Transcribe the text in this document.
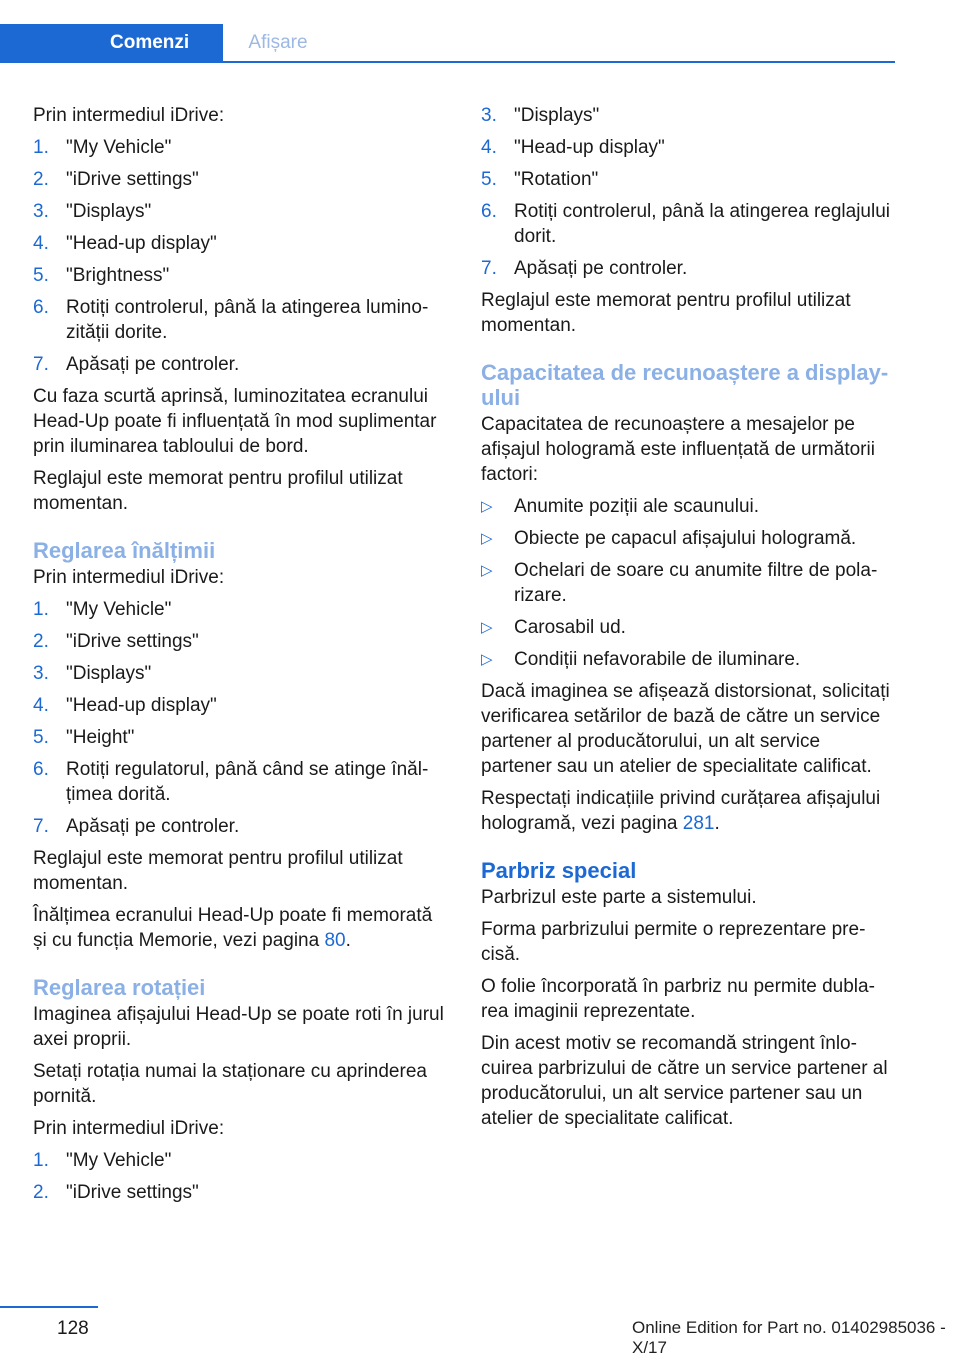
Comenzi	Afișare

Prin intermediul iDrive:

1. "My Vehicle"
2. "iDrive settings"
3. "Displays"
4. "Head-up display"
5. "Brightness"
6. Rotiți controlerul, până la atingerea luminozității dorite.
7. Apăsați pe controler.

Cu faza scurtă aprinsă, luminozitatea ecranului Head-Up poate fi influențată în mod suplimentar prin iluminarea tabloului de bord.

Reglajul este memorat pentru profilul utilizat momentan.

Reglarea înălțimii

Prin intermediul iDrive:

1. "My Vehicle"
2. "iDrive settings"
3. "Displays"
4. "Head-up display"
5. "Height"
6. Rotiți regulatorul, până când se atinge înălțimea dorită.
7. Apăsați pe controler.

Reglajul este memorat pentru profilul utilizat momentan.

Înălțimea ecranului Head-Up poate fi memorată și cu funcția Memorie, vezi pagina 80.

Reglarea rotației

Imaginea afișajului Head-Up se poate roti în jurul axei proprii.

Setați rotația numai la staționare cu aprinderea pornită.

Prin intermediul iDrive:

1. "My Vehicle"
2. "iDrive settings"
3. "Displays"
4. "Head-up display"
5. "Rotation"
6. Rotiți controlerul, până la atingerea reglajului dorit.
7. Apăsați pe controler.

Reglajul este memorat pentru profilul utilizat momentan.

Capacitatea de recunoaștere a display-ului

Capacitatea de recunoaștere a mesajelor pe afișajul hologramă este influențată de următorii factori:

▷ Anumite poziții ale scaunului.
▷ Obiecte pe capacul afișajului hologramă.
▷ Ochelari de soare cu anumite filtre de polarizare.
▷ Carosabil ud.
▷ Condiții nefavorabile de iluminare.

Dacă imaginea se afișează distorsionat, solicitați verificarea setărilor de bază de către un service partener al producătorului, un alt service partener sau un atelier de specialitate calificat.

Respectați indicațiile privind curățarea afișajului hologramă, vezi pagina 281.

Parbriz special

Parbrizul este parte a sistemului.

Forma parbrizului permite o reprezentare precisă.

O folie încorporată în parbriz nu permite dublarea imaginii reprezentate.

Din acest motiv se recomandă stringent înlocuirea parbrizului de către un service partener al producătorului, un alt service partener sau un atelier de specialitate calificat.

128	Online Edition for Part no. 01402985036 - X/17
